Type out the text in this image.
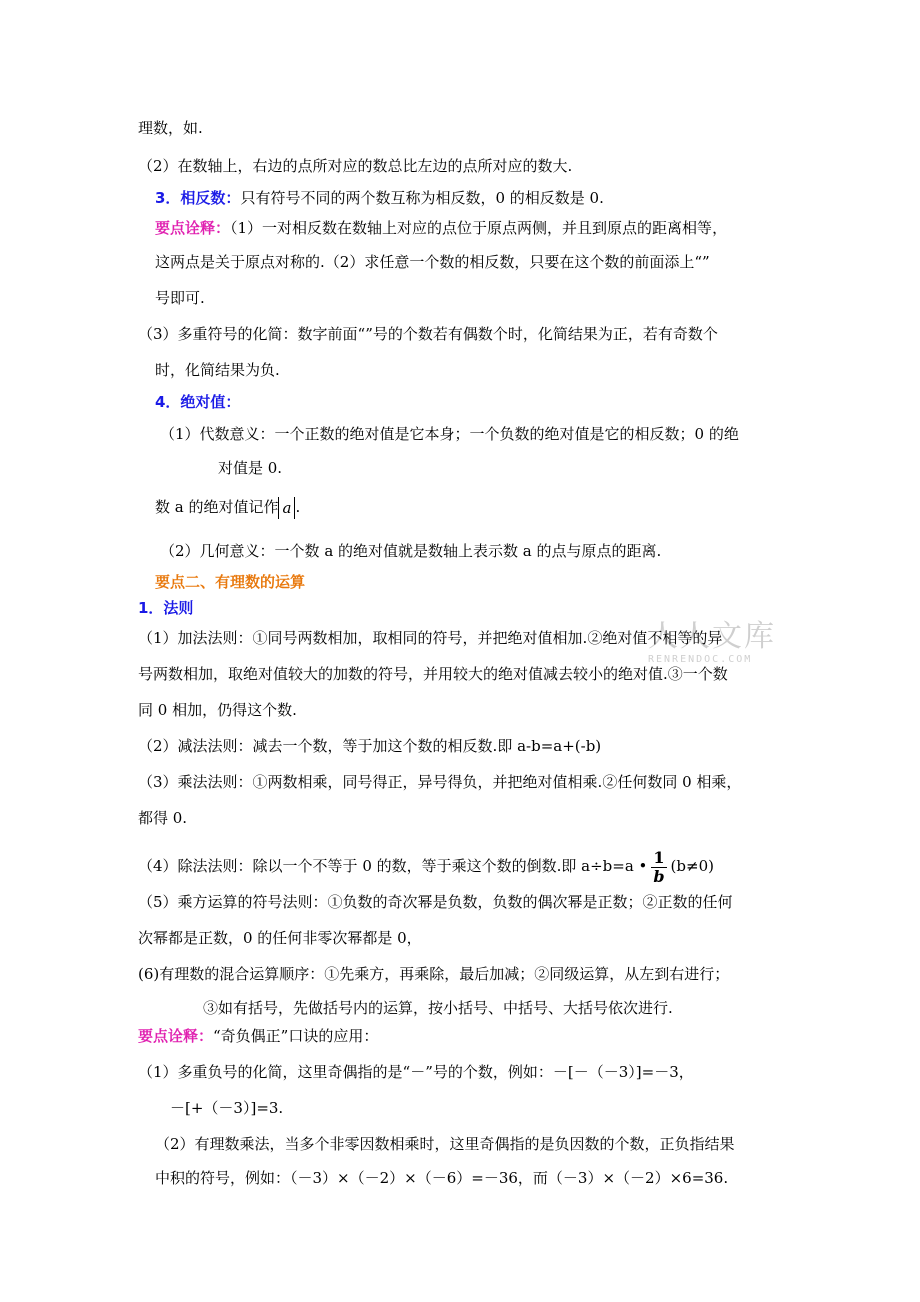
人人文库
RENRENDOC.COM
理数，如.
（2）在数轴上，右边的点所对应的数总比左边的点所对应的数大.
3．相反数：只有符号不同的两个数互称为相反数，0 的相反数是 0.
要点诠释：（1）一对相反数在数轴上对应的点位于原点两侧，并且到原点的距离相等，
这两点是关于原点对称的.（2）求任意一个数的相反数，只要在这个数的前面添上“”
号即可.
（3）多重符号的化简：数字前面“”号的个数若有偶数个时，化简结果为正，若有奇数个
时，化简结果为负.
4．绝对值：
（1）代数意义：一个正数的绝对值是它本身；一个负数的绝对值是它的相反数；0 的绝
对值是 0.
数 a 的绝对值记作 a .
（2）几何意义：一个数 a 的绝对值就是数轴上表示数 a 的点与原点的距离.
要点二、有理数的运算
1．法则
（1）加法法则：①同号两数相加，取相同的符号，并把绝对值相加.②绝对值不相等的异
号两数相加，取绝对值较大的加数的符号，并用较大的绝对值减去较小的绝对值.③一个数
同 0 相加，仍得这个数.
（2）减法法则：减去一个数，等于加这个数的相反数.即 a-b=a+(-b)
（3）乘法法则：①两数相乘，同号得正，异号得负，并把绝对值相乘.②任何数同 0 相乘，
都得 0.
（4）除法法则：除以一个不等于 0 的数，等于乘这个数的倒数.即 a÷b=a • $\frac{1}{b} (b\ne 0)$
（5）乘方运算的符号法则：①负数的奇次幂是负数，负数的偶次幂是正数；②正数的任何
次幂都是正数，0 的任何非零次幂都是 0，
(6)有理数的混合运算顺序：①先乘方，再乘除，最后加减；②同级运算，从左到右进行；
③如有括号，先做括号内的运算，按小括号、中括号、大括号依次进行.
要点诠释：“奇负偶正”口诀的应用：
（1）多重负号的化简，这里奇偶指的是“－”号的个数，例如：－[－（－3）]=－3，
－[+（－3）]=3.
（2）有理数乘法，当多个非零因数相乘时，这里奇偶指的是负因数的个数，正负指结果
中积的符号，例如：（－3）×（－2）×（－6）=－36，而（－3）×（－2）×6=36.
